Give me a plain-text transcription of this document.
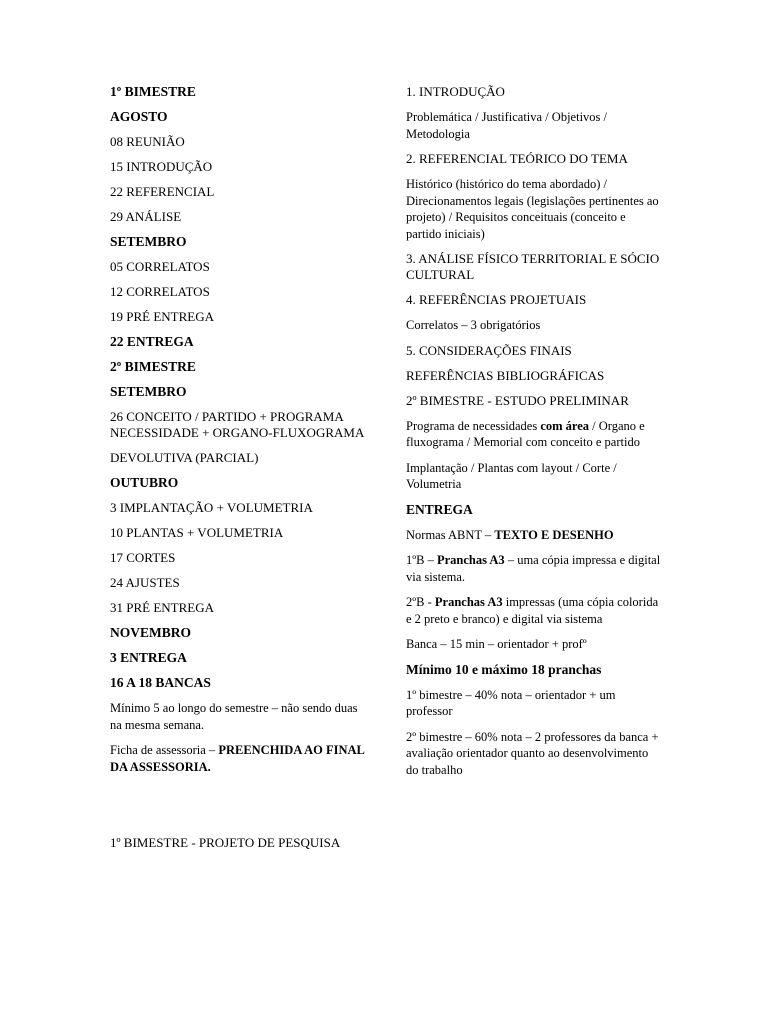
1º BIMESTRE

AGOSTO

08 REUNIÃO

15 INTRODUÇÃO

22 REFERENCIAL

29 ANÁLISE

SETEMBRO

05 CORRELATOS

12 CORRELATOS

19 PRÉ ENTREGA

22 ENTREGA

2º BIMESTRE

SETEMBRO

26 CONCEITO / PARTIDO + PROGRAMA NECESSIDADE + ORGANO-FLUXOGRAMA

DEVOLUTIVA (PARCIAL)

OUTUBRO

3 IMPLANTAÇÃO + VOLUMETRIA

10 PLANTAS + VOLUMETRIA

17 CORTES

24 AJUSTES

31 PRÉ ENTREGA

NOVEMBRO

3 ENTREGA

16 A 18 BANCAS

Mínimo 5 ao longo do semestre – não sendo duas na mesma semana.

Ficha de assessoria – PREENCHIDA AO FINAL DA ASSESSORIA.

1º BIMESTRE - PROJETO DE PESQUISA

1. INTRODUÇÃO

Problemática / Justificativa / Objetivos / Metodologia

2. REFERENCIAL TEÓRICO DO TEMA

Histórico (histórico do tema abordado) / Direcionamentos legais (legislações pertinentes ao projeto) / Requisitos conceituais (conceito e partido iniciais)

3. ANÁLISE FÍSICO TERRITORIAL E SÓCIO CULTURAL

4. REFERÊNCIAS PROJETUAIS

Correlatos – 3 obrigatórios

5. CONSIDERAÇÕES FINAIS

REFERÊNCIAS BIBLIOGRÁFICAS

2º BIMESTRE - ESTUDO PRELIMINAR

Programa de necessidades com área / Organo e fluxograma / Memorial com conceito e partido

Implantação / Plantas com layout / Corte / Volumetria

ENTREGA

Normas ABNT – TEXTO E DESENHO

1ºB – Pranchas A3 – uma cópia impressa e digital via sistema.

2ºB - Pranchas A3 impressas (uma cópia colorida e 2 preto e branco) e digital via sistema

Banca – 15 min – orientador + profº

Mínimo 10 e máximo 18 pranchas

1º bimestre – 40% nota – orientador + um professor

2º bimestre – 60% nota – 2 professores da banca + avaliação orientador quanto ao desenvolvimento do trabalho
